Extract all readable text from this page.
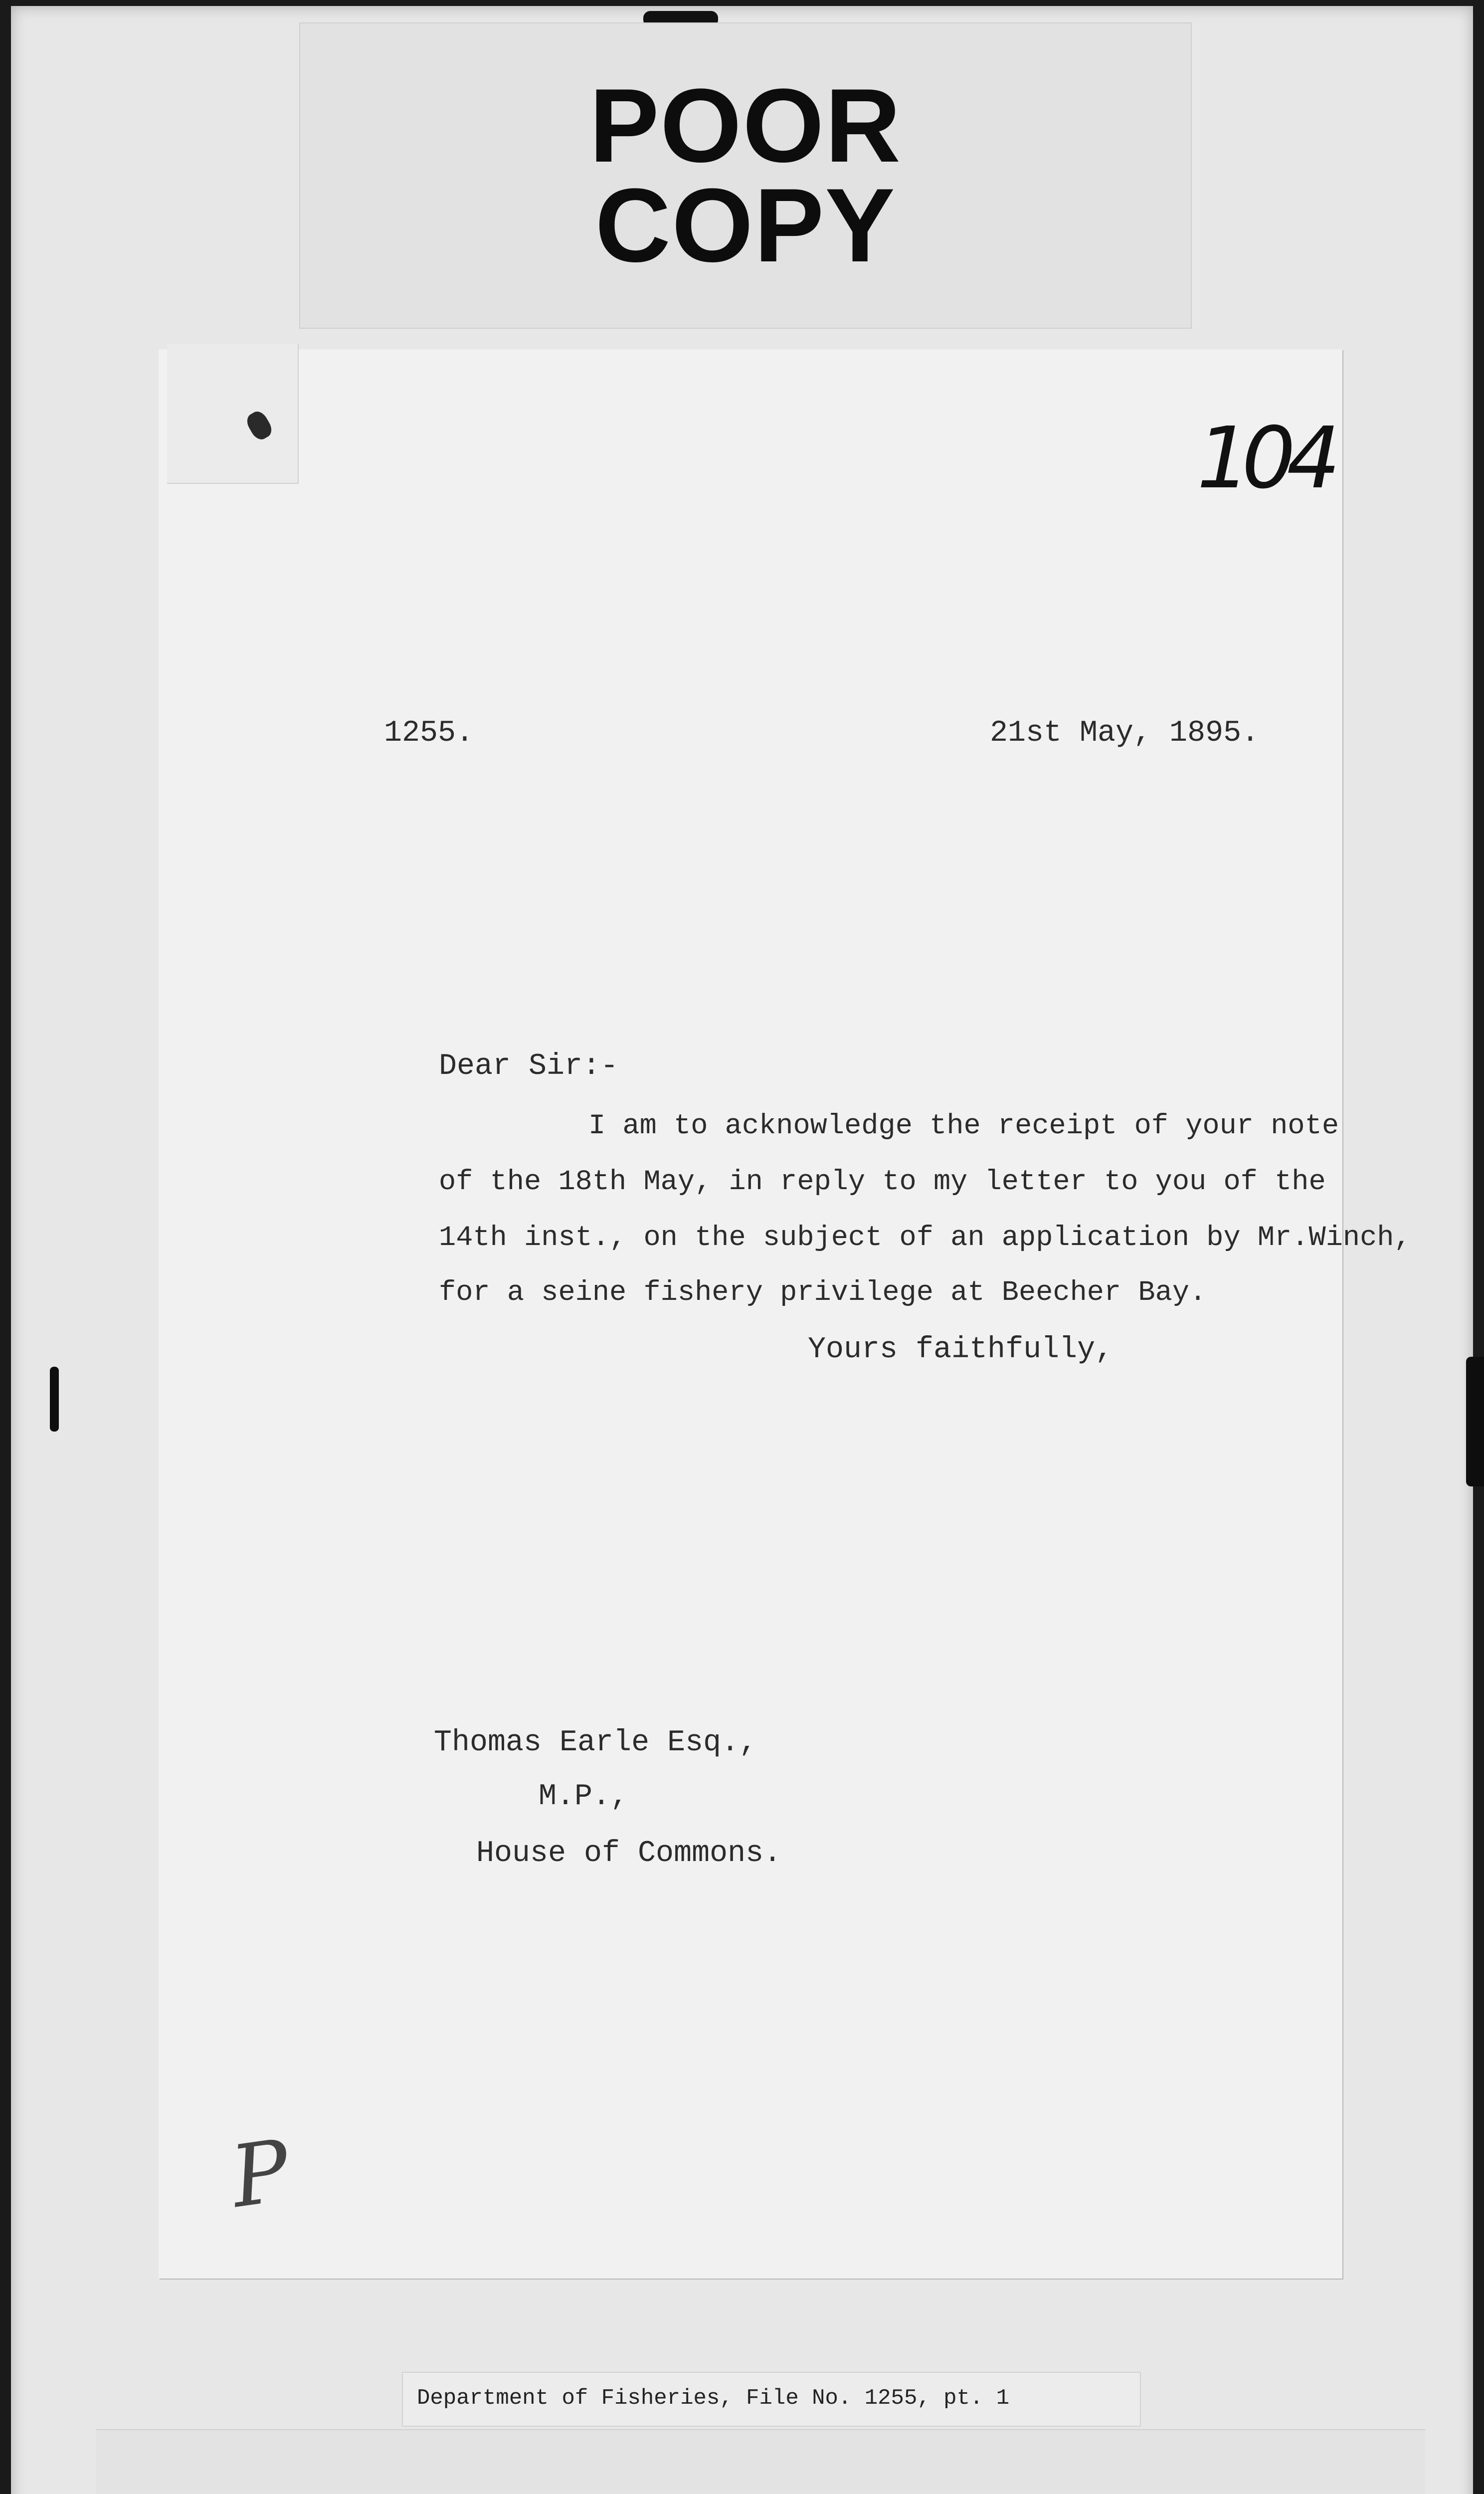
POOR
COPY
104
1255.	21st May, 1895.
Dear Sir:-
I am to acknowledge the receipt of your note
of the 18th May, in reply to my letter to you of the
14th inst., on the subject of an application by Mr.Winch,
for a seine fishery privilege at Beecher Bay.
Yours faithfully,
Thomas Earle Esq.,
M.P.,
House of Commons.
P
Department of Fisheries, File No. 1255, pt. 1
